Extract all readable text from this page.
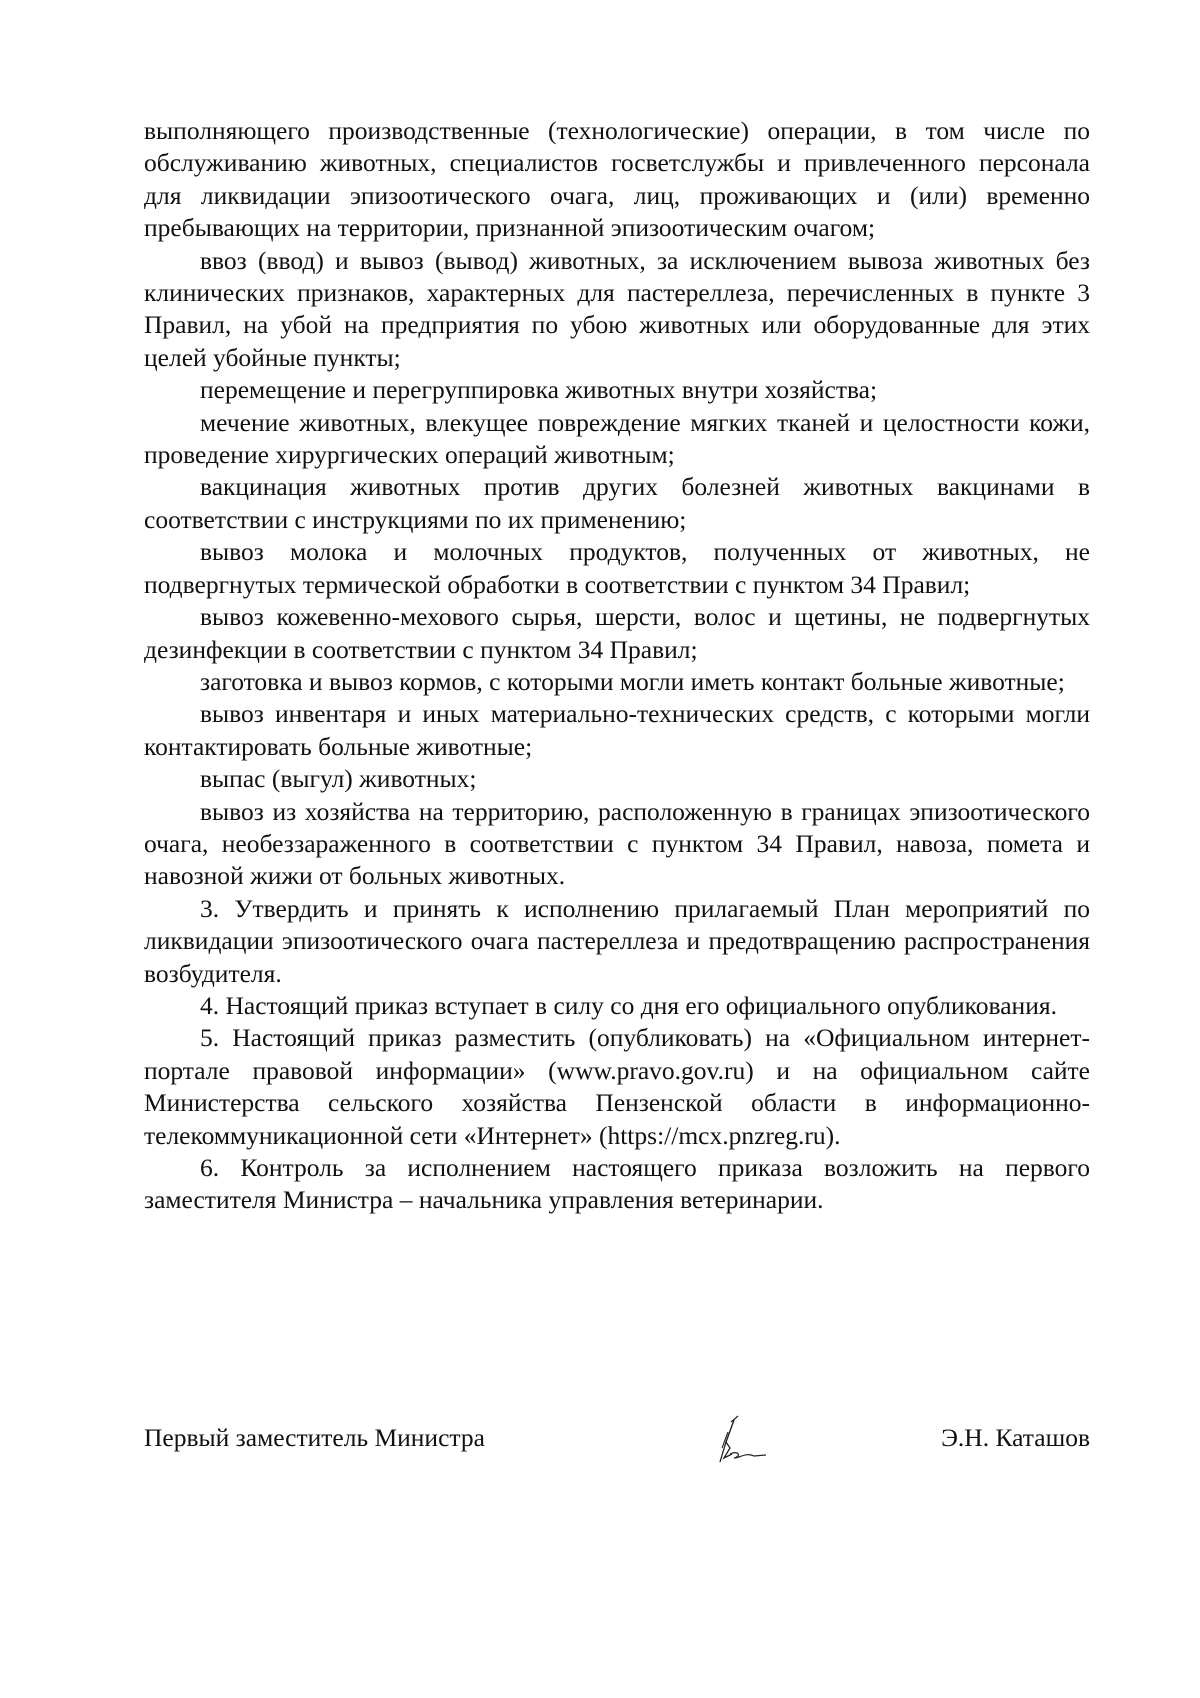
выполняющего производственные (технологические) операции, в том числе по обслуживанию животных, специалистов госветслужбы и привлеченного персонала для ликвидации эпизоотического очага, лиц, проживающих и (или) временно пребывающих на территории, признанной эпизоотическим очагом;

ввоз (ввод) и вывоз (вывод) животных, за исключением вывоза животных без клинических признаков, характерных для пастереллеза, перечисленных в пункте 3 Правил, на убой на предприятия по убою животных или оборудованные для этих целей убойные пункты;

перемещение и перегруппировка животных внутри хозяйства;

мечение животных, влекущее повреждение мягких тканей и целостности кожи, проведение хирургических операций животным;

вакцинация животных против других болезней животных вакцинами в соответствии с инструкциями по их применению;

вывоз молока и молочных продуктов, полученных от животных, не подвергнутых термической обработки в соответствии с пунктом 34 Правил;

вывоз кожевенно-мехового сырья, шерсти, волос и щетины, не подвергнутых дезинфекции в соответствии с пунктом 34 Правил;

заготовка и вывоз кормов, с которыми могли иметь контакт больные животные;

вывоз инвентаря и иных материально-технических средств, с которыми могли контактировать больные животные;

выпас (выгул) животных;

вывоз из хозяйства на территорию, расположенную в границах эпизоотического очага, необеззараженного в соответствии с пунктом 34 Правил, навоза, помета и навозной жижи от больных животных.

3. Утвердить и принять к исполнению прилагаемый План мероприятий по ликвидации эпизоотического очага пастереллеза и предотвращению распространения возбудителя.

4. Настоящий приказ вступает в силу со дня его официального опубликования.

5. Настоящий приказ разместить (опубликовать) на «Официальном интернет-портале правовой информации» (www.pravo.gov.ru) и на официальном сайте Министерства сельского хозяйства Пензенской области в информационно-телекоммуникационной сети «Интернет» (https://mcx.pnzreg.ru).

6. Контроль за исполнением настоящего приказа возложить на первого заместителя Министра – начальника управления ветеринарии.

Первый заместитель Министра	Э.Н. Каташов
